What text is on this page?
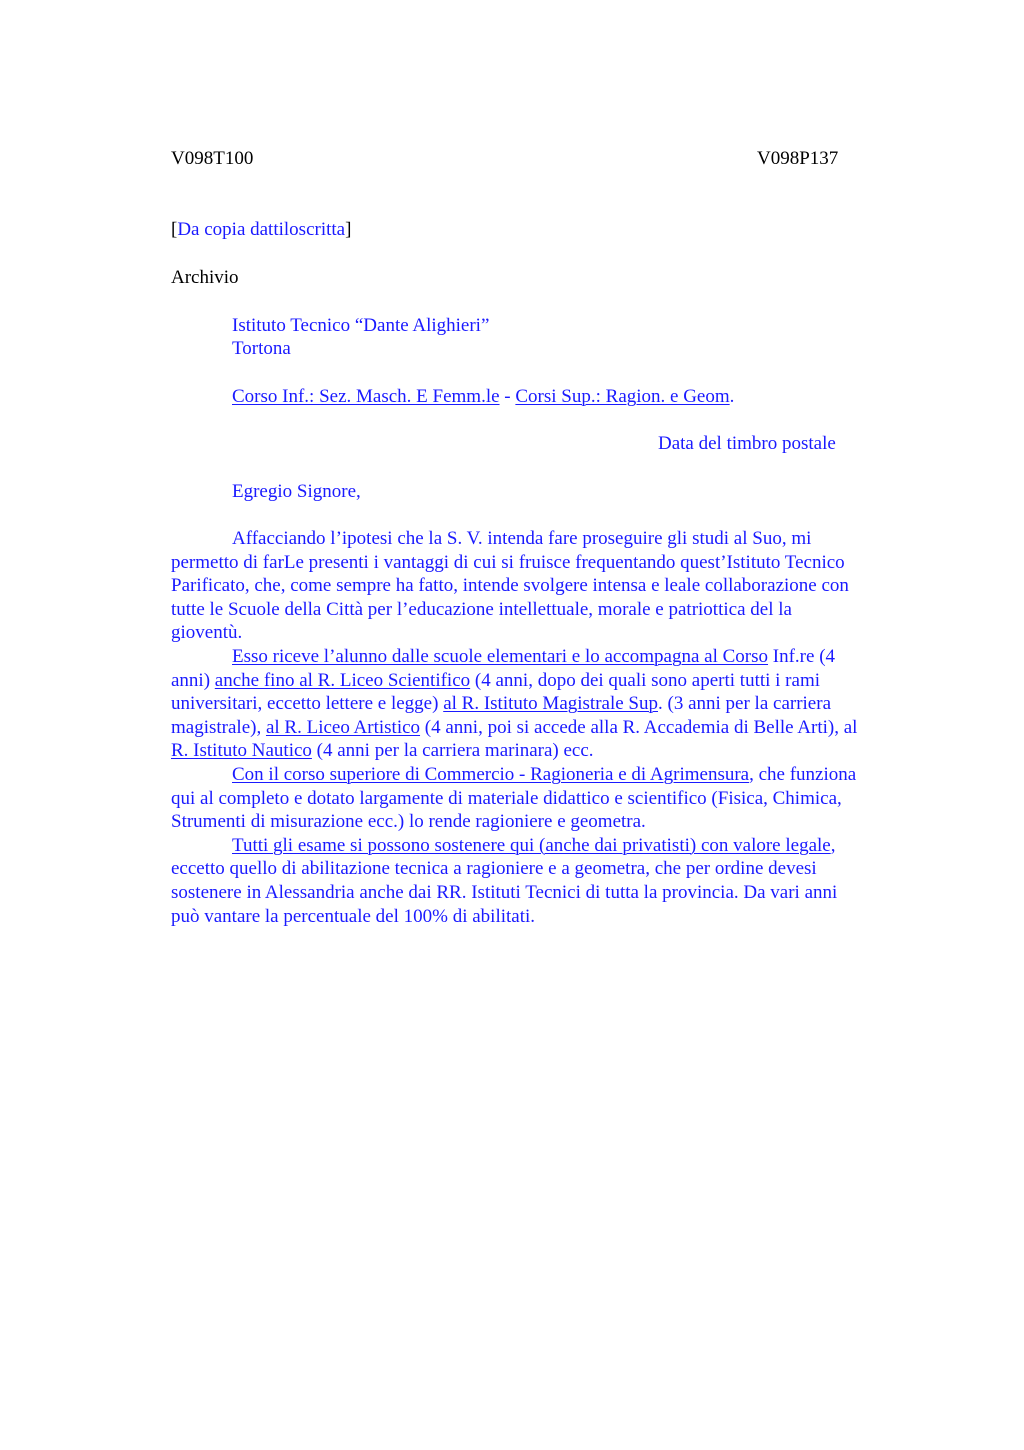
V098T100	V098P137
[Da copia dattiloscritta]
Archivio
Istituto Tecnico “Dante Alighieri”
Tortona
Corso Inf.: Sez. Masch. E Femm.le - Corsi Sup.: Ragion. e Geom.
Data del timbro postale
Egregio Signore,
Affacciando l’ipotesi che la S. V. intenda fare proseguire gli studi al Suo, mi
permetto di farLe presenti i vantaggi di cui si fruisce frequentando quest’Istituto Tecnico
Parificato, che, come sempre ha fatto, intende svolgere intensa e leale collaborazione con
tutte le Scuole della Città per l’educazione intellettuale, morale e patriottica del la
gioventù.
Esso riceve l’alunno dalle scuole elementari e lo accompagna al Corso Inf.re (4
anni) anche fino al R. Liceo Scientifico (4 anni, dopo dei quali sono aperti tutti i rami
universitari, eccetto lettere e legge) al R. Istituto Magistrale Sup. (3 anni per la carriera
magistrale), al R. Liceo Artistico (4 anni, poi si accede alla R. Accademia di Belle Arti), al
R. Istituto Nautico (4 anni per la carriera marinara) ecc.
Con il corso superiore di Commercio - Ragioneria e di Agrimensura, che funziona
qui al completo e dotato largamente di materiale didattico e scientifico (Fisica, Chimica,
Strumenti di misurazione ecc.) lo rende ragioniere e geometra.
Tutti gli esame si possono sostenere qui (anche dai privatisti) con valore legale,
eccetto quello di abilitazione tecnica a ragioniere e a geometra, che per ordine devesi
sostenere in Alessandria anche dai RR. Istituti Tecnici di tutta la provincia. Da vari anni
può vantare la percentuale del 100% di abilitati.
